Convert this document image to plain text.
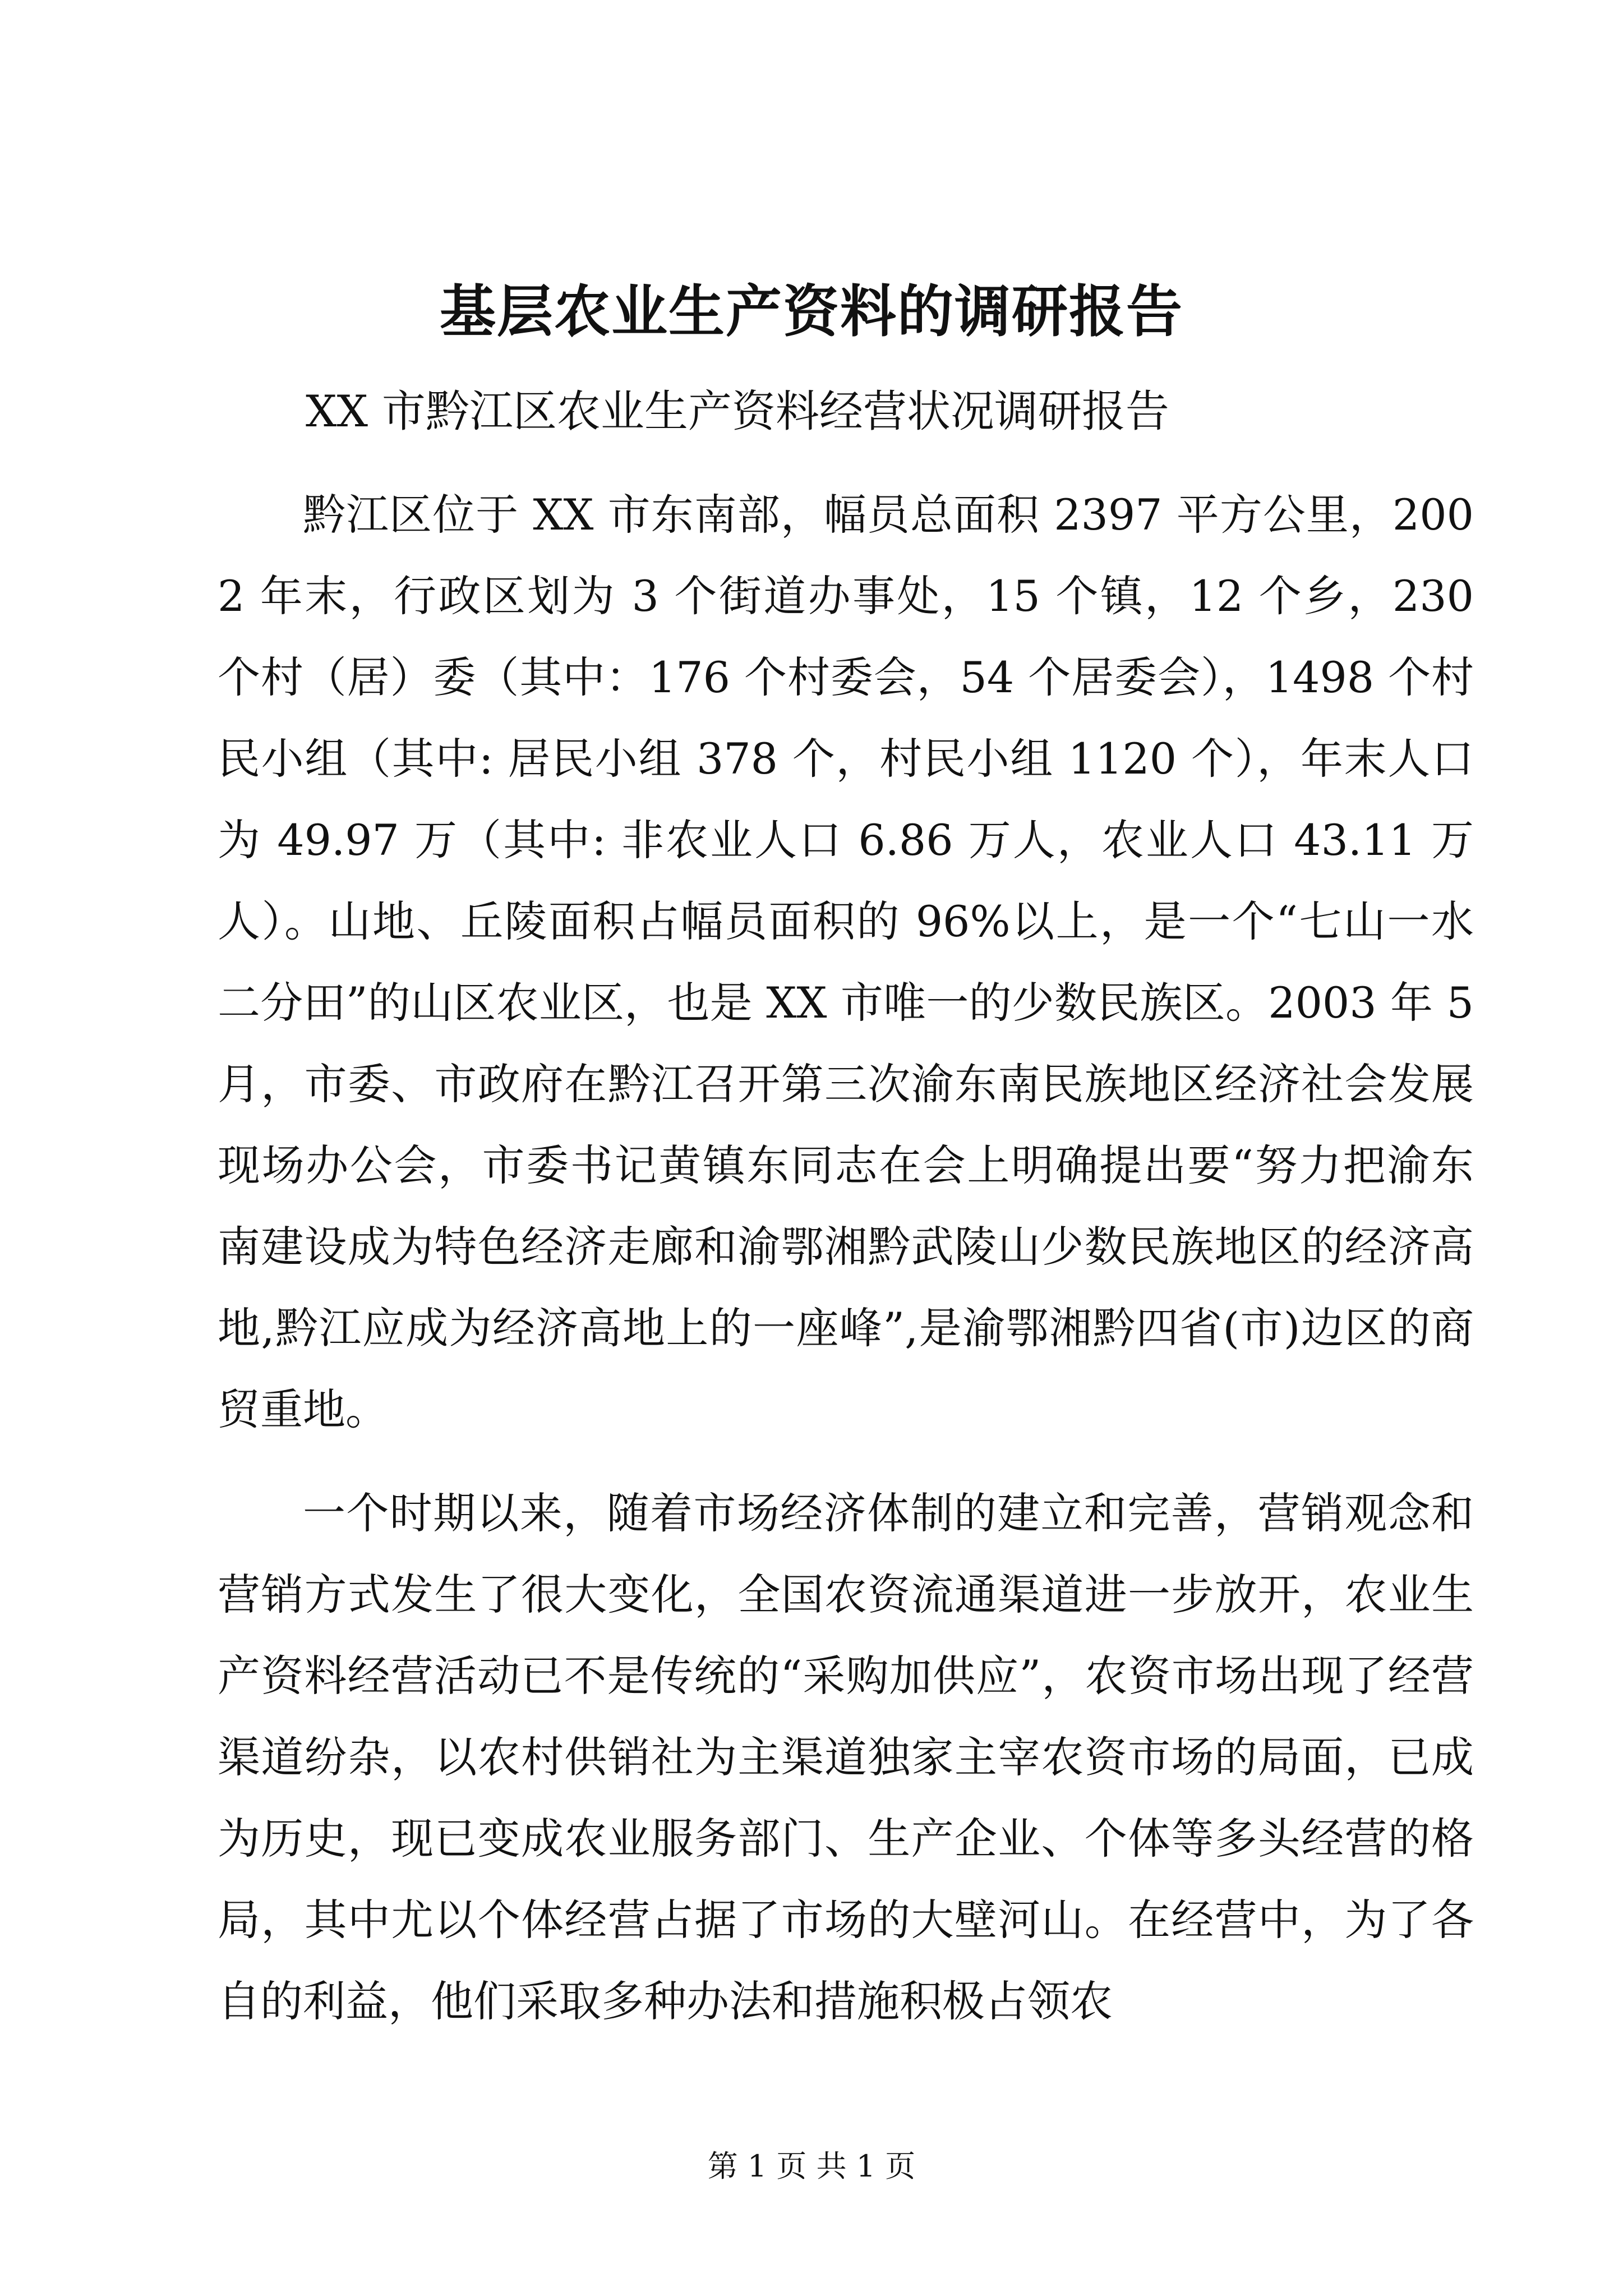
基层农业生产资料的调研报告
XX 市黔江区农业生产资料经营状况调研报告

黔江区位于 XX 市东南部，幅员总面积 2397 平方公里，2002 年末，行政区划为 3 个街道办事处，15 个镇，12 个乡，230 个村（居）委（其中：176 个村委会，54 个居委会），1498 个村民小组（其中: 居民小组 378 个，村民小组 1120 个），年末人口为 49.97 万（其中: 非农业人口 6.86 万人，农业人口 43.11 万人）。山地、丘陵面积占幅员面积的 96%以上，是一个“七山一水二分田”的山区农业区，也是 XX 市唯一的少数民族区。2003 年 5 月，市委、市政府在黔江召开第三次渝东南民族地区经济社会发展现场办公会，市委书记黄镇东同志在会上明确提出要“努力把渝东南建设成为特色经济走廊和渝鄂湘黔武陵山少数民族地区的经济高地,黔江应成为经济高地上的一座峰”,是渝鄂湘黔四省(市)边区的商贸重地。

一个时期以来，随着市场经济体制的建立和完善，营销观念和营销方式发生了很大变化，全国农资流通渠道进一步放开，农业生产资料经营活动已不是传统的“采购加供应”，农资市场出现了经营渠道纷杂，以农村供销社为主渠道独家主宰农资市场的局面，已成为历史，现已变成农业服务部门、生产企业、个体等多头经营的格局，其中尤以个体经营占据了市场的大壁河山。在经营中，为了各自的利益，他们采取多种办法和措施积极占领农

第 1 页 共 1 页
